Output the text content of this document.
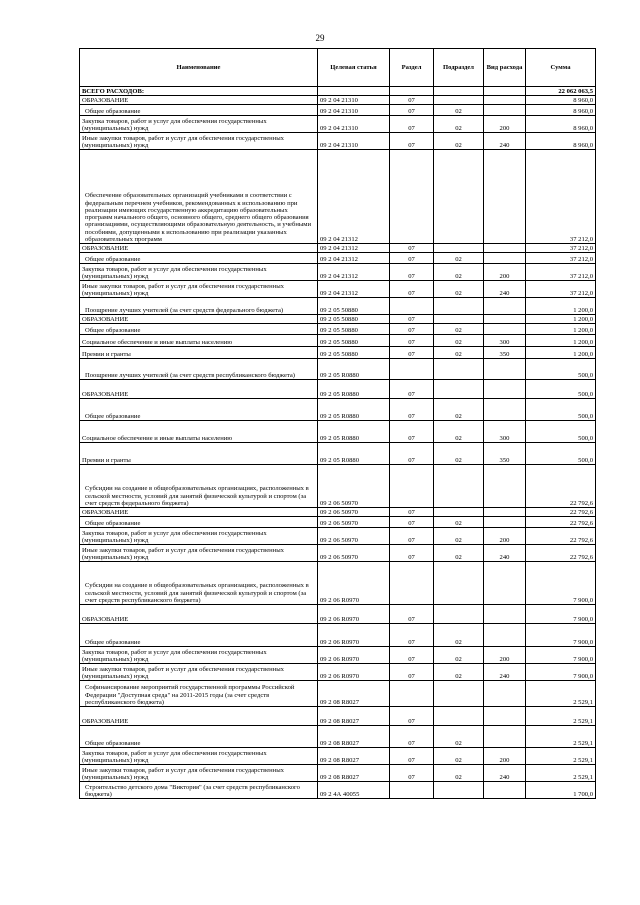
29
Наименование	Целевая статья	Раздел	Подраздел	Вид расхода	Сумма
ВСЕГО РАСХОДОВ:					22 062 063,5
ОБРАЗОВАНИЕ	09 2 04 21310	07			8 960,0
Общее образование	09 2 04 21310	07	02		8 960,0
Закупка товаров, работ и услуг для обеспечения государственных (муниципальных) нужд	09 2 04 21310	07	02	200	8 960,0
Иные закупки товаров, работ и услуг для обеспечения государственных (муниципальных) нужд	09 2 04 21310	07	02	240	8 960,0
Обеспечение образовательных организаций учебниками в соответствии с федеральным перечнем учебников, рекомендованных к использованию при реализации имеющих государственную аккредитацию образовательных программ начального общего, основного общего, среднего общего образования организациями, осуществляющими образовательную деятельность, и учебными пособиями, допущенными к использованию при реализации указанных образовательных программ	09 2 04 21312				37 212,0
ОБРАЗОВАНИЕ	09 2 04 21312	07			37 212,0
Общее образование	09 2 04 21312	07	02		37 212,0
Закупка товаров, работ и услуг для обеспечения государственных (муниципальных) нужд	09 2 04 21312	07	02	200	37 212,0
Иные закупки товаров, работ и услуг для обеспечения государственных (муниципальных) нужд	09 2 04 21312	07	02	240	37 212,0
Поощрение лучших учителей (за счет средств федерального бюджета)	09 2 05 50880				1 200,0
ОБРАЗОВАНИЕ	09 2 05 50880	07			1 200,0
Общее образование	09 2 05 50880	07	02		1 200,0
Социальное обеспечение и иные выплаты населению	09 2 05 50880	07	02	300	1 200,0
Премии и гранты	09 2 05 50880	07	02	350	1 200,0
Поощрение лучших учителей (за счет средств республиканского бюджета)	09 2 05 R0880				500,0
ОБРАЗОВАНИЕ	09 2 05 R0880	07			500,0
Общее образование	09 2 05 R0880	07	02		500,0
Социальное обеспечение и иные выплаты населению	09 2 05 R0880	07	02	300	500,0
Премии и гранты	09 2 05 R0880	07	02	350	500,0
Субсидии на создание в общеобразовательных организациях, расположенных в сельской местности, условий для занятий физической культурой и спортом (за счет средств федерального бюджета)	09 2 06 50970				22 792,6
ОБРАЗОВАНИЕ	09 2 06 50970	07			22 792,6
Общее образование	09 2 06 50970	07	02		22 792,6
Закупка товаров, работ и услуг для обеспечения государственных (муниципальных) нужд	09 2 06 50970	07	02	200	22 792,6
Иные закупки товаров, работ и услуг для обеспечения государственных (муниципальных) нужд	09 2 06 50970	07	02	240	22 792,6
Субсидии на создание в общеобразовательных организациях, расположенных в сельской местности, условий для занятий физической культурой и спортом (за счет средств республиканского бюджета)	09 2 06 R0970				7 900,0
ОБРАЗОВАНИЕ	09 2 06 R0970	07			7 900,0
Общее образование	09 2 06 R0970	07	02		7 900,0
Закупка товаров, работ и услуг для обеспечения государственных (муниципальных) нужд	09 2 06 R0970	07	02	200	7 900,0
Иные закупки товаров, работ и услуг для обеспечения государственных (муниципальных) нужд	09 2 06 R0970	07	02	240	7 900,0
Софинансирование мероприятий государственной программы Российской Федерации "Доступная среда" на 2011-2015 годы (за счет средств республиканского бюджета)	09 2 08 R8027				2 529,1
ОБРАЗОВАНИЕ	09 2 08 R8027	07			2 529,1
Общее образование	09 2 08 R8027	07	02		2 529,1
Закупка товаров, работ и услуг для обеспечения государственных (муниципальных) нужд	09 2 08 R8027	07	02	200	2 529,1
Иные закупки товаров, работ и услуг для обеспечения государственных (муниципальных) нужд	09 2 08 R8027	07	02	240	2 529,1
Строительство детского дома "Виктория" (за счет средств республиканского бюджета)	09 2 4А 40055				1 700,0
